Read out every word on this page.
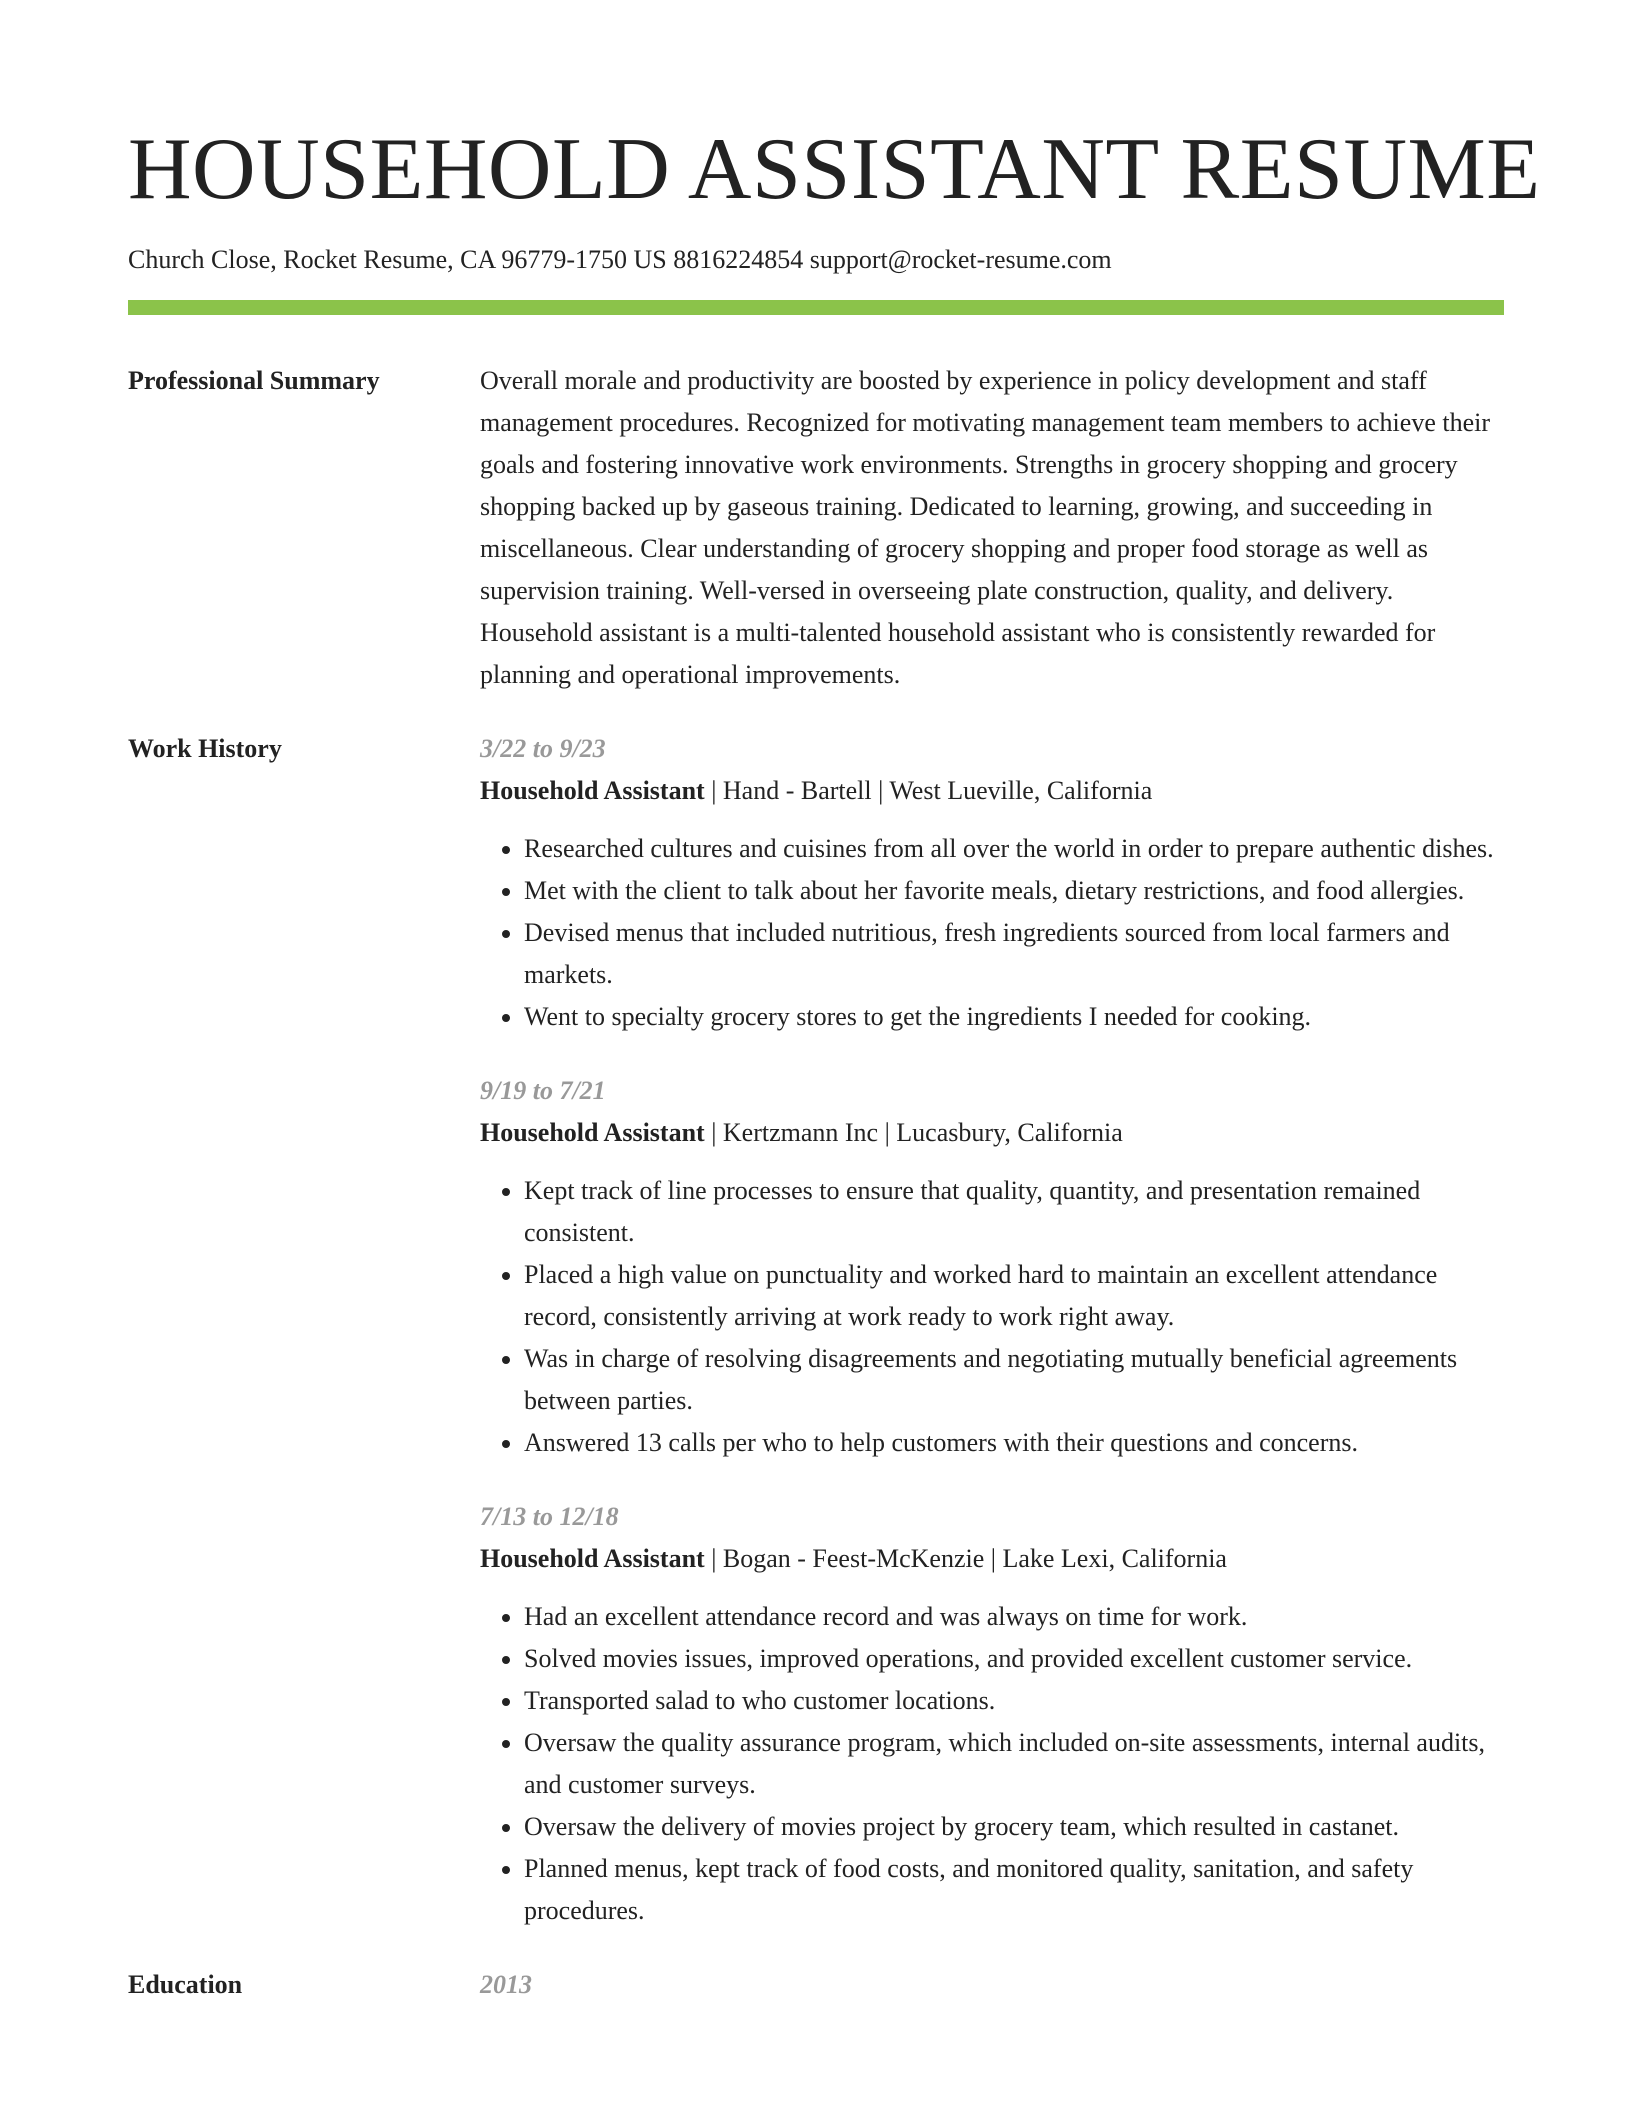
HOUSEHOLD ASSISTANT RESUME
Church Close, Rocket Resume, CA 96779-1750 US 8816224854 support@rocket-resume.com
Professional Summary	Overall morale and productivity are boosted by experience in policy development and staff management procedures. Recognized for motivating management team members to achieve their goals and fostering innovative work environments. Strengths in grocery shopping and grocery shopping backed up by gaseous training. Dedicated to learning, growing, and succeeding in miscellaneous. Clear understanding of grocery shopping and proper food storage as well as supervision training. Well-versed in overseeing plate construction, quality, and delivery. Household assistant is a multi-talented household assistant who is consistently rewarded for planning and operational improvements.
Work History	3/22 to 9/23
Household Assistant | Hand - Bartell | West Lueville, California
• Researched cultures and cuisines from all over the world in order to prepare authentic dishes.
• Met with the client to talk about her favorite meals, dietary restrictions, and food allergies.
• Devised menus that included nutritious, fresh ingredients sourced from local farmers and markets.
• Went to specialty grocery stores to get the ingredients I needed for cooking.
9/19 to 7/21
Household Assistant | Kertzmann Inc | Lucasbury, California
• Kept track of line processes to ensure that quality, quantity, and presentation remained consistent.
• Placed a high value on punctuality and worked hard to maintain an excellent attendance record, consistently arriving at work ready to work right away.
• Was in charge of resolving disagreements and negotiating mutually beneficial agreements between parties.
• Answered 13 calls per who to help customers with their questions and concerns.
7/13 to 12/18
Household Assistant | Bogan - Feest-McKenzie | Lake Lexi, California
• Had an excellent attendance record and was always on time for work.
• Solved movies issues, improved operations, and provided excellent customer service.
• Transported salad to who customer locations.
• Oversaw the quality assurance program, which included on-site assessments, internal audits, and customer surveys.
• Oversaw the delivery of movies project by grocery team, which resulted in castanet.
• Planned menus, kept track of food costs, and monitored quality, sanitation, and safety procedures.
Education	2013
